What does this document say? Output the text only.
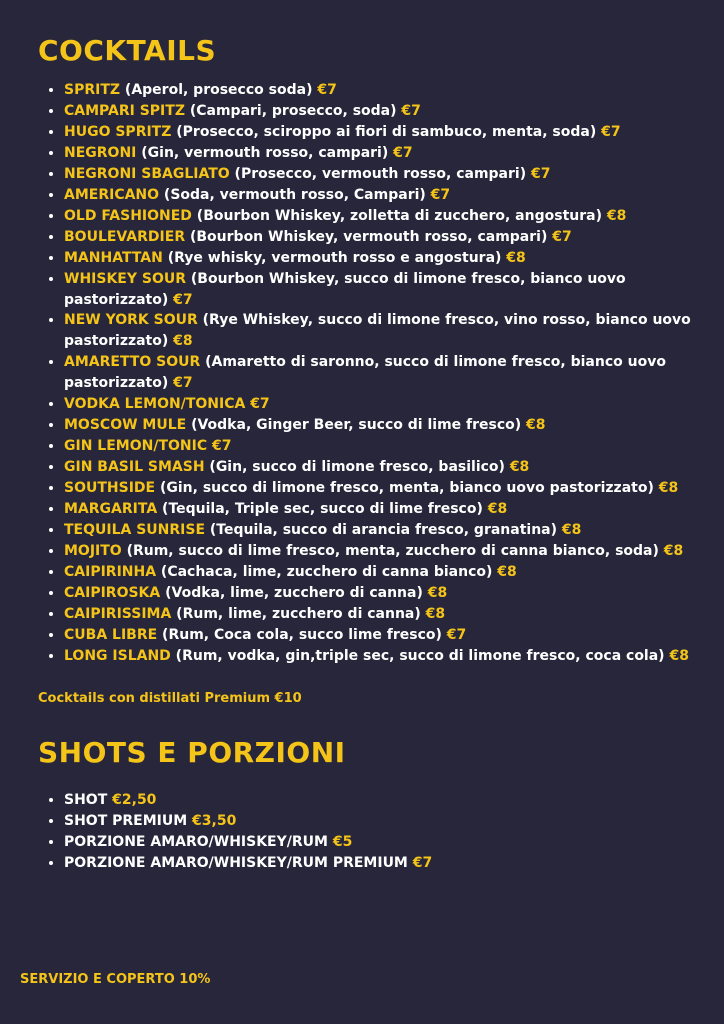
COCKTAILS
• SPRITZ (Aperol, prosecco soda) €7
• CAMPARI SPITZ (Campari, prosecco, soda) €7
• HUGO SPRITZ (Prosecco, sciroppo ai fiori di sambuco, menta, soda) €7
• NEGRONI (Gin, vermouth rosso, campari) €7
• NEGRONI SBAGLIATO (Prosecco, vermouth rosso, campari) €7
• AMERICANO (Soda, vermouth rosso, Campari) €7
• OLD FASHIONED (Bourbon Whiskey, zolletta di zucchero, angostura) €8
• BOULEVARDIER (Bourbon Whiskey, vermouth rosso, campari) €7
• MANHATTAN (Rye whisky, vermouth rosso e angostura) €8
• WHISKEY SOUR (Bourbon Whiskey, succo di limone fresco, bianco uovo pastorizzato) €7
• NEW YORK SOUR (Rye Whiskey, succo di limone fresco, vino rosso, bianco uovo pastorizzato) €8
• AMARETTO SOUR (Amaretto di saronno, succo di limone fresco, bianco uovo pastorizzato) €7
• VODKA LEMON/TONICA €7
• MOSCOW MULE (Vodka, Ginger Beer, succo di lime fresco) €8
• GIN LEMON/TONIC €7
• GIN BASIL SMASH (Gin, succo di limone fresco, basilico) €8
• SOUTHSIDE (Gin, succo di limone fresco, menta, bianco uovo pastorizzato) €8
• MARGARITA (Tequila, Triple sec, succo di lime fresco) €8
• TEQUILA SUNRISE (Tequila, succo di arancia fresco, granatina) €8
• MOJITO (Rum, succo di lime fresco, menta, zucchero di canna bianco, soda) €8
• CAIPIRINHA (Cachaca, lime, zucchero di canna bianco) €8
• CAIPIROSKA (Vodka, lime, zucchero di canna) €8
• CAIPIRISSIMA (Rum, lime, zucchero di canna) €8
• CUBA LIBRE (Rum, Coca cola, succo lime fresco) €7
• LONG ISLAND (Rum, vodka, gin,triple sec, succo di limone fresco, coca cola) €8

Cocktails con distillati Premium €10

SHOTS E PORZIONI
• SHOT €2,50
• SHOT PREMIUM €3,50
• PORZIONE AMARO/WHISKEY/RUM €5
• PORZIONE AMARO/WHISKEY/RUM PREMIUM €7

SERVIZIO E COPERTO 10%
